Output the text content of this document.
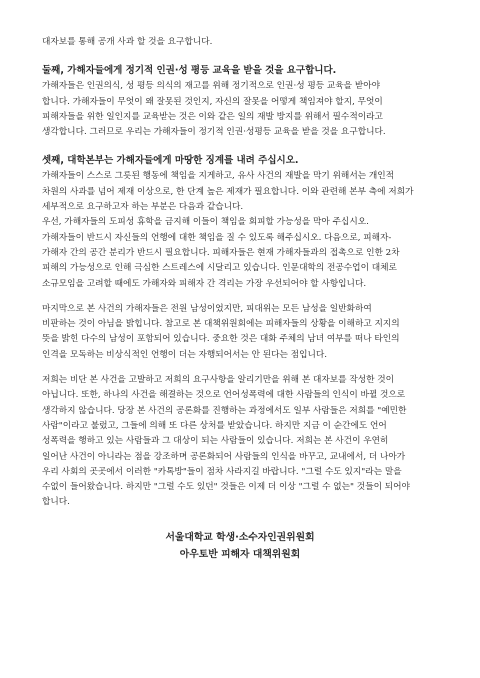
대자보를 통해 공개 사과 할 것을 요구합니다.

둘째, 가해자들에게 정기적 인권·성 평등 교육을 받을 것을 요구합니다.

가해자들은 인권의식, 성 평등 의식의 재고를 위해 정기적으로 인권·성 평등 교육을 받아야
합니다. 가해자들이 무엇이 왜 잘못된 것인지, 자신의 잘못을 어떻게 책임져야 할지, 무엇이
피해자들을 위한 일인지를 교육받는 것은 이와 같은 일의 재발 방지를 위해서 필수적이라고
생각합니다. 그러므로 우리는 가해자들이 정기적 인권·성평등 교육을 받을 것을 요구합니다.

셋째, 대학본부는 가해자들에게 마땅한 징계를 내려 주십시오.

가해자들이 스스로 그릇된 행동에 책임을 지게하고, 유사 사건의 재발을 막기 위해서는 개인적
차원의 사과를 넘어 제재 이상으로, 한 단계 높은 제재가 필요합니다. 이와 관련해 본부 측에 저희가
세부적으로 요구하고자 하는 부분은 다음과 같습니다.
우선, 가해자들의 도피성 휴학을 금지해 이들이 책임을 회피할 가능성을 막아 주십시오.
가해자들이 반드시 자신들의 언행에 대한 책임을 질 수 있도록 해주십시오. 다음으로, 피해자-
가해자 간의 공간 분리가 반드시 필요합니다. 피해자들은 현재 가해자들과의 접촉으로 인한 2차
피해의 가능성으로 인해 극심한 스트레스에 시달리고 있습니다. 인문대학의 전공수업이 대체로
소규모임을 고려할 때에도 가해자와 피해자 간 격리는 가장 우선되어야 할 사항입니다.

마지막으로 본 사건의 가해자들은 전원 남성이었지만, 피대위는 모든 남성을 일반화하여
비판하는 것이 아님을 밝힙니다. 참고로 본 대책위원회에는 피해자들의 상황을 이해하고 지지의
뜻을 밝힌 다수의 남성이 포함되어 있습니다. 중요한 것은 대화 주체의 남녀 여부를 떠나 타인의
인격을 모독하는 비상식적인 언행이 더는 자행되어서는 안 된다는 점입니다.

저희는 비단 본 사건을 고발하고 저희의 요구사항을 알리기만을 위해 본 대자보를 작성한 것이
아닙니다. 또한, 하나의 사건을 해결하는 것으로 언어성폭력에 대한 사람들의 인식이 바뀔 것으로
생각하지 않습니다. 당장 본 사건의 공론화를 진행하는 과정에서도 일부 사람들은 저희를 "예민한
사람"이라고 불렀고, 그들에 의해 또 다른 상처를 받았습니다. 하지만 지금 이 순간에도 언어
성폭력을 행하고 있는 사람들과 그 대상이 되는 사람들이 있습니다. 저희는 본 사건이 우연히
일어난 사건이 아니라는 점을 강조하며 공론화되어 사람들의 인식을 바꾸고, 교내에서, 더 나아가
우리 사회의 곳곳에서 이러한 "카톡방"들이 점차 사라지길 바랍니다. "그럴 수도 있지"라는 말을
수없이 들어왔습니다. 하지만 "그럴 수도 있던" 것들은 이제 더 이상 "그럴 수 없는" 것들이 되어야
합니다.

서울대학교 학생·소수자인권위원회
아우토반 피해자 대책위원회
